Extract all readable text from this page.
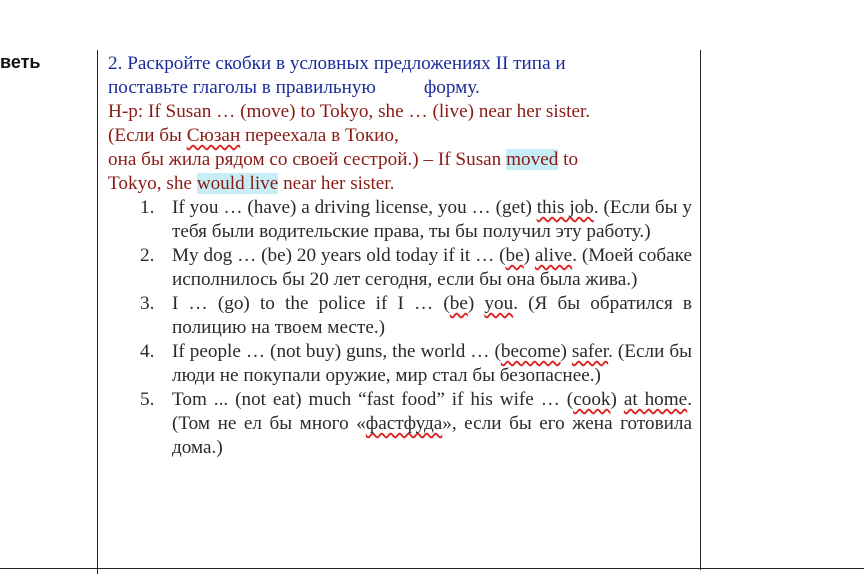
веть	2. Раскройте скобки в условных предложениях II типа и
поставьте глаголы в правильную	форму.

Н-р: If Susan … (move) to Tokyo, she … (live) near her sister.
(Если бы Сюзан переехала в Токио,
она бы жила рядом со своей сестрой.) – If Susan moved to
Tokyo, she would live near her sister.

1. If you … (have) a driving license, you … (get) this job. (Если бы у тебя были водительские права, ты бы получил эту работу.)
2. My dog … (be) 20 years old today if it … (be) alive. (Моей собаке исполнилось бы 20 лет сегодня, если бы она была жива.)
3. I … (go) to the police if I … (be) you. (Я бы обратился в полицию на твоем месте.)
4. If people … (not buy) guns, the world … (become) safer. (Если бы люди не покупали оружие, мир стал бы безопаснее.)
5. Tom ... (not eat) much “fast food” if his wife … (cook) at home. (Том не ел бы много «фастфуда», если бы его жена готовила дома.)
